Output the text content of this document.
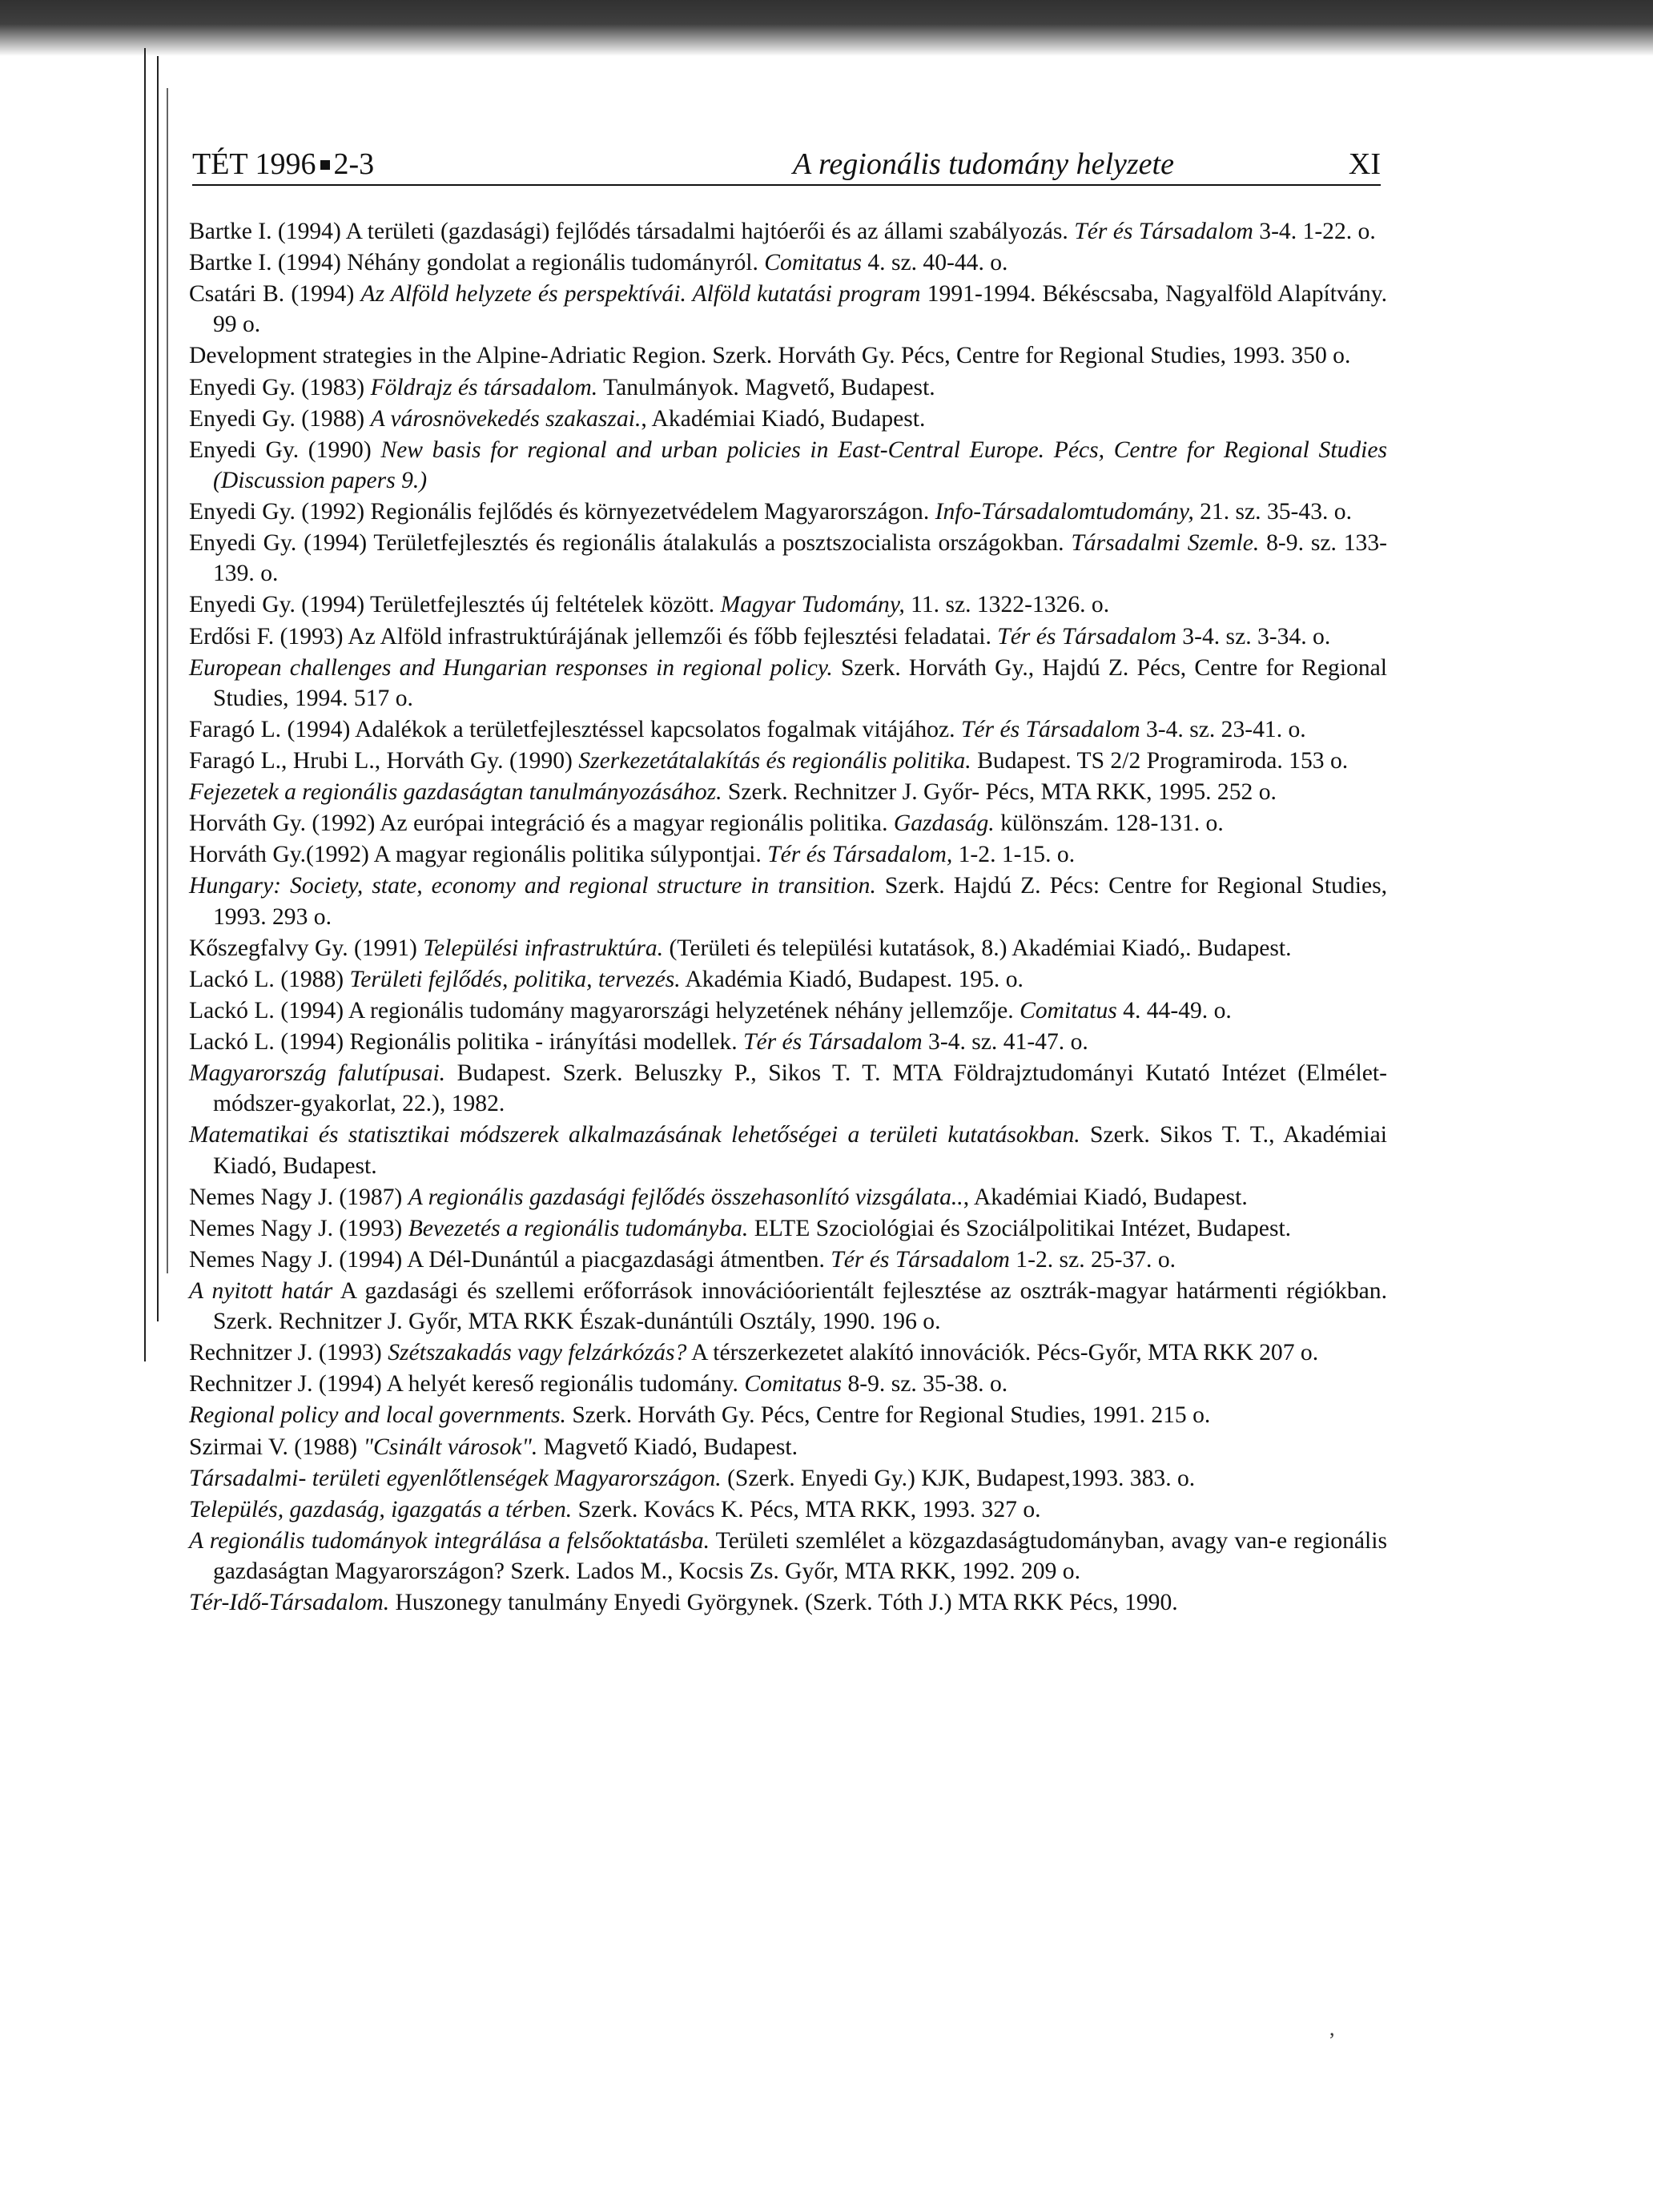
TÉT 1996 2-3	A regionális tudomány helyzete	XI
Bartke I. (1994) A területi (gazdasági) fejlődés társadalmi hajtóerői és az állami szabályozás. Tér és Társadalom 3-4. 1-22. o.
Bartke I. (1994) Néhány gondolat a regionális tudományról. Comitatus 4. sz. 40-44. o.
Csatári B. (1994) Az Alföld helyzete és perspektívái. Alföld kutatási program 1991-1994. Békéscsaba, Nagyalföld Alapítvány. 99 o.
Development strategies in the Alpine-Adriatic Region. Szerk. Horváth Gy. Pécs, Centre for Regional Studies, 1993. 350 o.
Enyedi Gy. (1983) Földrajz és társadalom. Tanulmányok. Magvető, Budapest.
Enyedi Gy. (1988) A városnövekedés szakaszai., Akadémiai Kiadó, Budapest.
Enyedi Gy. (1990) New basis for regional and urban policies in East-Central Europe. Pécs, Centre for Regional Studies (Discussion papers 9.)
Enyedi Gy. (1992) Regionális fejlődés és környezetvédelem Magyarországon. Info-Társadalomtudomány, 21. sz. 35-43. o.
Enyedi Gy. (1994) Területfejlesztés és regionális átalakulás a posztszocialista országokban. Társadalmi Szemle. 8-9. sz. 133-139. o.
Enyedi Gy. (1994) Területfejlesztés új feltételek között. Magyar Tudomány, 11. sz. 1322-1326. o.
Erdősi F. (1993) Az Alföld infrastruktúrájának jellemzői és főbb fejlesztési feladatai. Tér és Társadalom 3-4. sz. 3-34. o.
European challenges and Hungarian responses in regional policy. Szerk. Horváth Gy., Hajdú Z. Pécs, Centre for Regional Studies, 1994. 517 o.
Faragó L. (1994) Adalékok a területfejlesztéssel kapcsolatos fogalmak vitájához. Tér és Társadalom 3-4. sz. 23-41. o.
Faragó L., Hrubi L., Horváth Gy. (1990) Szerkezetátalakítás és regionális politika. Budapest. TS 2/2 Programiroda. 153 o.
Fejezetek a regionális gazdaságtan tanulmányozásához. Szerk. Rechnitzer J. Győr- Pécs, MTA RKK, 1995. 252 o.
Horváth Gy. (1992) Az európai integráció és a magyar regionális politika. Gazdaság. különszám. 128-131. o.
Horváth Gy.(1992) A magyar regionális politika súlypontjai. Tér és Társadalom, 1-2. 1-15. o.
Hungary: Society, state, economy and regional structure in transition. Szerk. Hajdú Z. Pécs: Centre for Regional Studies, 1993. 293 o.
Kőszegfalvy Gy. (1991) Települési infrastruktúra. (Területi és települési kutatások, 8.) Akadémiai Kiadó,. Budapest.
Lackó L. (1988) Területi fejlődés, politika, tervezés. Akadémia Kiadó, Budapest. 195. o.
Lackó L. (1994) A regionális tudomány magyarországi helyzetének néhány jellemzője. Comitatus 4. 44-49. o.
Lackó L. (1994) Regionális politika - irányítási modellek. Tér és Társadalom 3-4. sz. 41-47. o.
Magyarország falutípusai. Budapest. Szerk. Beluszky P., Sikos T. T. MTA Földrajztudományi Kutató Intézet (Elmélet-módszer-gyakorlat, 22.), 1982.
Matematikai és statisztikai módszerek alkalmazásának lehetőségei a területi kutatásokban. Szerk. Sikos T. T., Akadémiai Kiadó, Budapest.
Nemes Nagy J. (1987) A regionális gazdasági fejlődés összehasonlító vizsgálata.., Akadémiai Kiadó, Budapest.
Nemes Nagy J. (1993) Bevezetés a regionális tudományba. ELTE Szociológiai és Szociálpolitikai Intézet, Budapest.
Nemes Nagy J. (1994) A Dél-Dunántúl a piacgazdasági átmentben. Tér és Társadalom 1-2. sz. 25-37. o.
A nyitott határ A gazdasági és szellemi erőforrások innovációorientált fejlesztése az osztrák-magyar határmenti régiókban. Szerk. Rechnitzer J. Győr, MTA RKK Észak-dunántúli Osztály, 1990. 196 o.
Rechnitzer J. (1993) Szétszakadás vagy felzárkózás? A térszerkezetet alakító innovációk. Pécs-Győr, MTA RKK 207 o.
Rechnitzer J. (1994) A helyét kereső regionális tudomány. Comitatus 8-9. sz. 35-38. o.
Regional policy and local governments. Szerk. Horváth Gy. Pécs, Centre for Regional Studies, 1991. 215 o.
Szirmai V. (1988) "Csinált városok". Magvető Kiadó, Budapest.
Társadalmi- területi egyenlőtlenségek Magyarországon. (Szerk. Enyedi Gy.) KJK, Budapest,1993. 383. o.
Település, gazdaság, igazgatás a térben. Szerk. Kovács K. Pécs, MTA RKK, 1993. 327 o.
A regionális tudományok integrálása a felsőoktatásba. Területi szemlélet a közgazdaságtudományban, avagy van-e regionális gazdaságtan Magyarországon? Szerk. Lados M., Kocsis Zs. Győr, MTA RKK, 1992. 209 o.
Tér-Idő-Társadalom. Huszonegy tanulmány Enyedi Györgynek. (Szerk. Tóth J.) MTA RKK Pécs, 1990.
,
